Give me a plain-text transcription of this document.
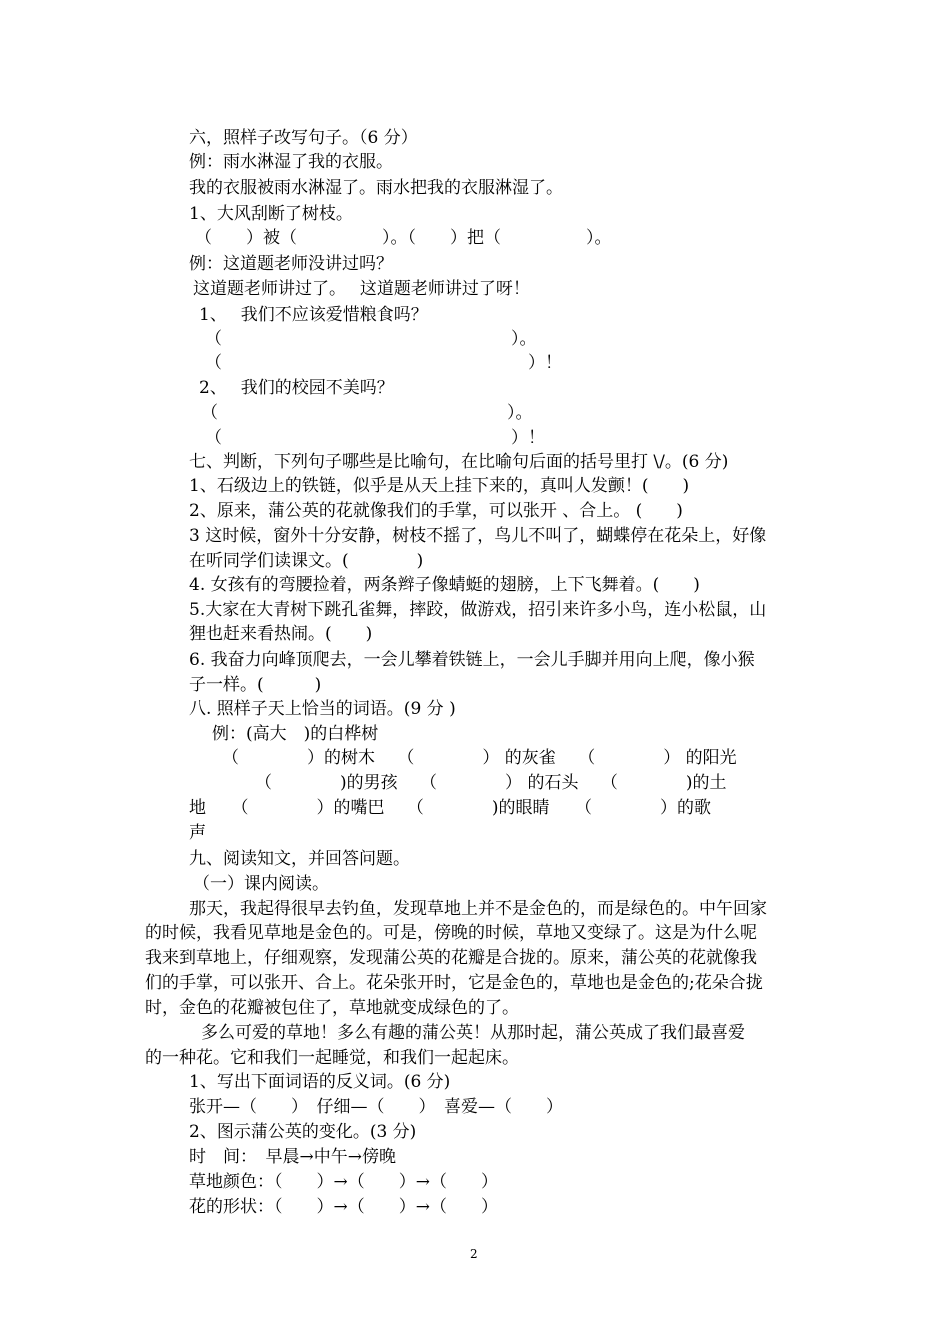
六，照样子改写句子。（6 分）

例：雨水淋湿了我的衣服。

我的衣服被雨水淋湿了。雨水把我的衣服淋湿了。

1、大风刮断了树枝。

（　　）被（　　　　　）。（　　）把（　　　　　）。

例：这道题老师没讲过吗？

这道题老师讲过了。　 这道题老师讲过了呀！

1、　 我们不应该爱惜粮食吗？

（　　　　　　　　　　　　　　　　　）。

（　　　　　　　　　　　　　　　　　　）！

2、　 我们的校园不美吗？

（　　　　　　　　　　　　　　　　　）。

（　　　　　　　　　　　　　　　　　）！

七、判断，下列句子哪些是比喻句，在比喻句后面的括号里打 \/。(6 分)

1、石级边上的铁链，似乎是从天上挂下来的，真叫人发颤！(　　)

2、原来，蒲公英的花就像我们的手掌，可以张开 、合上。 (　　)

3 这时候，窗外十分安静，树枝不摇了，鸟儿不叫了，蝴蝶停在花朵上，好像

在听同学们读课文。(　　　　)

4. 女孩有的弯腰捡着，两条辫子像蜻蜓的翅膀，上下飞舞着。(　　)

5.大家在大青树下跳孔雀舞，摔跤，做游戏，招引来许多小鸟，连小松鼠，山

狸也赶来看热闹。(　　)

6. 我奋力向峰顶爬去，一会儿攀着铁链上，一会儿手脚并用向上爬，像小猴

子一样。(　　　)

八. 照样子天上恰当的词语。(9 分 )

例：(高大　)的白桦树

（　　　　）的树木　 （　　　　） 的灰雀　 （　　　　） 的阳光

（　　　　)的男孩　 （　　　　） 的石头　 （　　　　)的土

地　　（　　　　）的嘴巴　 （　　　　)的眼睛　　（　　　　）的歌

声

九、阅读知文，并回答问题。

（一）课内阅读。

那天，我起得很早去钓鱼，发现草地上并不是金色的，而是绿色的。中午回家

的时候，我看见草地是金色的。可是，傍晚的时候，草地又变绿了。这是为什么呢

我来到草地上，仔细观察，发现蒲公英的花瓣是合拢的。原来，蒲公英的花就像我

们的手掌，可以张开、合上。花朵张开时，它是金色的，草地也是金色的;花朵合拢

时，金色的花瓣被包住了，草地就变成绿色的了。

多么可爱的草地！多么有趣的蒲公英！从那时起，蒲公英成了我们最喜爱

的一种花。它和我们一起睡觉，和我们一起起床。

1、写出下面词语的反义词。(6 分)

张开—（　　）　仔细—（　　）　喜爱—（　　）

2、图示蒲公英的变化。(3 分)

时　间：　早晨→中午→傍晚

草地颜色：（　　）→（　　）→（　　）

花的形状：（　　）→（　　）→（　　）

2
